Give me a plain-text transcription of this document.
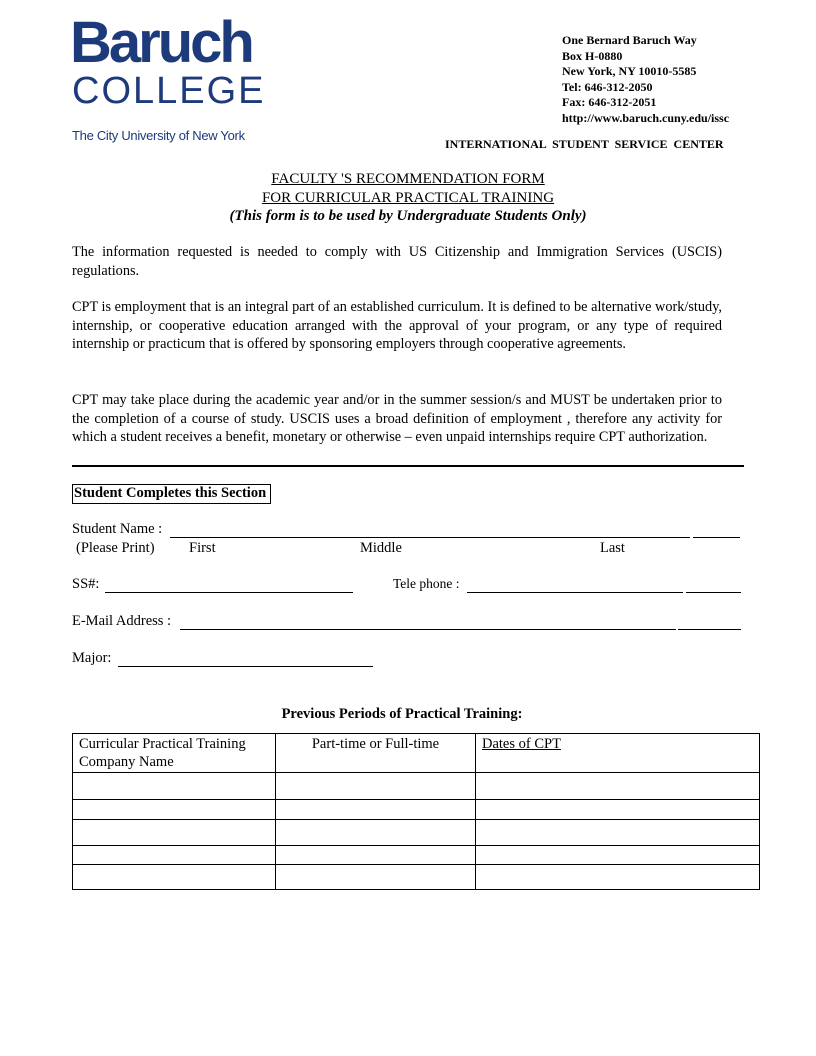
Baruch
COLLEGE
The City University of New York
One Bernard Baruch Way
Box H-0880
New York, NY 10010-5585
Tel: 646-312-2050
Fax: 646-312-2051
http://www.baruch.cuny.edu/issc
INTERNATIONAL STUDENT SERVICE CENTER
FACULTY 'S RECOMMENDATION FORM
FOR CURRICULAR PRACTICAL TRAINING
(This form is to be used by Undergraduate Students Only)
The information requested is needed to comply with US Citizenship and Immigration Services (USCIS) regulations.
CPT is employment that is an integral part of an established curriculum. It is defined to be alternative work/study, internship, or cooperative education arranged with the approval of your program, or any type of required internship or practicum that is offered by sponsoring employers through cooperative agreements.
CPT may take place during the academic year and/or in the summer session/s and MUST be undertaken prior to the completion of a course of study. USCIS uses a broad definition of employment , therefore any activity for which a student receives a benefit, monetary or otherwise – even unpaid internships require CPT authorization.
Student Completes this Section
Student Name :
(Please Print) First	Middle	Last
SS#:	Tele phone :
E-Mail Address :
Major:
Previous Periods of Practical Training:
Curricular Practical Training Company Name	Part-time or Full-time	Dates of CPT
